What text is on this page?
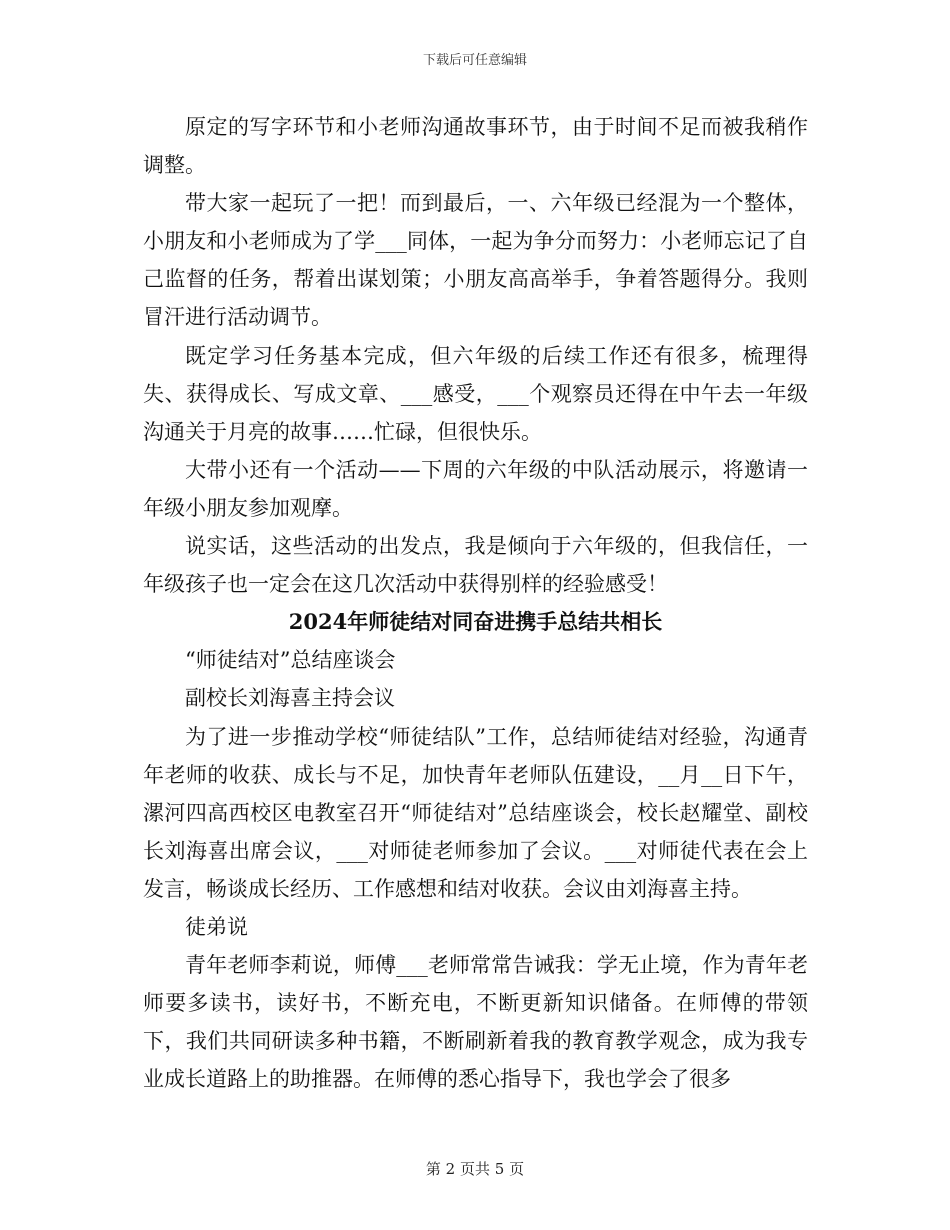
下载后可任意编辑

原定的写字环节和小老师沟通故事环节，由于时间不足而被我稍作调整。

带大家一起玩了一把！而到最后，一、六年级已经混为一个整体，小朋友和小老师成为了学___同体，一起为争分而努力：小老师忘记了自己监督的任务，帮着出谋划策；小朋友高高举手，争着答题得分。我则冒汗进行活动调节。

既定学习任务基本完成，但六年级的后续工作还有很多，梳理得失、获得成长、写成文章、___感受，___个观察员还得在中午去一年级沟通关于月亮的故事……忙碌，但很快乐。

大带小还有一个活动——下周的六年级的中队活动展示，将邀请一年级小朋友参加观摩。

说实话，这些活动的出发点，我是倾向于六年级的，但我信任，一年级孩子也一定会在这几次活动中获得别样的经验感受！

2024年师徒结对同奋进携手总结共相长

“师徒结对”总结座谈会

副校长刘海喜主持会议

为了进一步推动学校“师徒结队”工作，总结师徒结对经验，沟通青年老师的收获、成长与不足，加快青年老师队伍建设，__月__日下午，漯河四高西校区电教室召开“师徒结对”总结座谈会，校长赵耀堂、副校长刘海喜出席会议，___对师徒老师参加了会议。___对师徒代表在会上发言，畅谈成长经历、工作感想和结对收获。会议由刘海喜主持。

徒弟说

青年老师李莉说，师傅___老师常常告诫我：学无止境，作为青年老师要多读书，读好书，不断充电，不断更新知识储备。在师傅的带领下，我们共同研读多种书籍，不断刷新着我的教育教学观念，成为我专业成长道路上的助推器。在师傅的悉心指导下，我也学会了很多

第 2 页共 5 页
